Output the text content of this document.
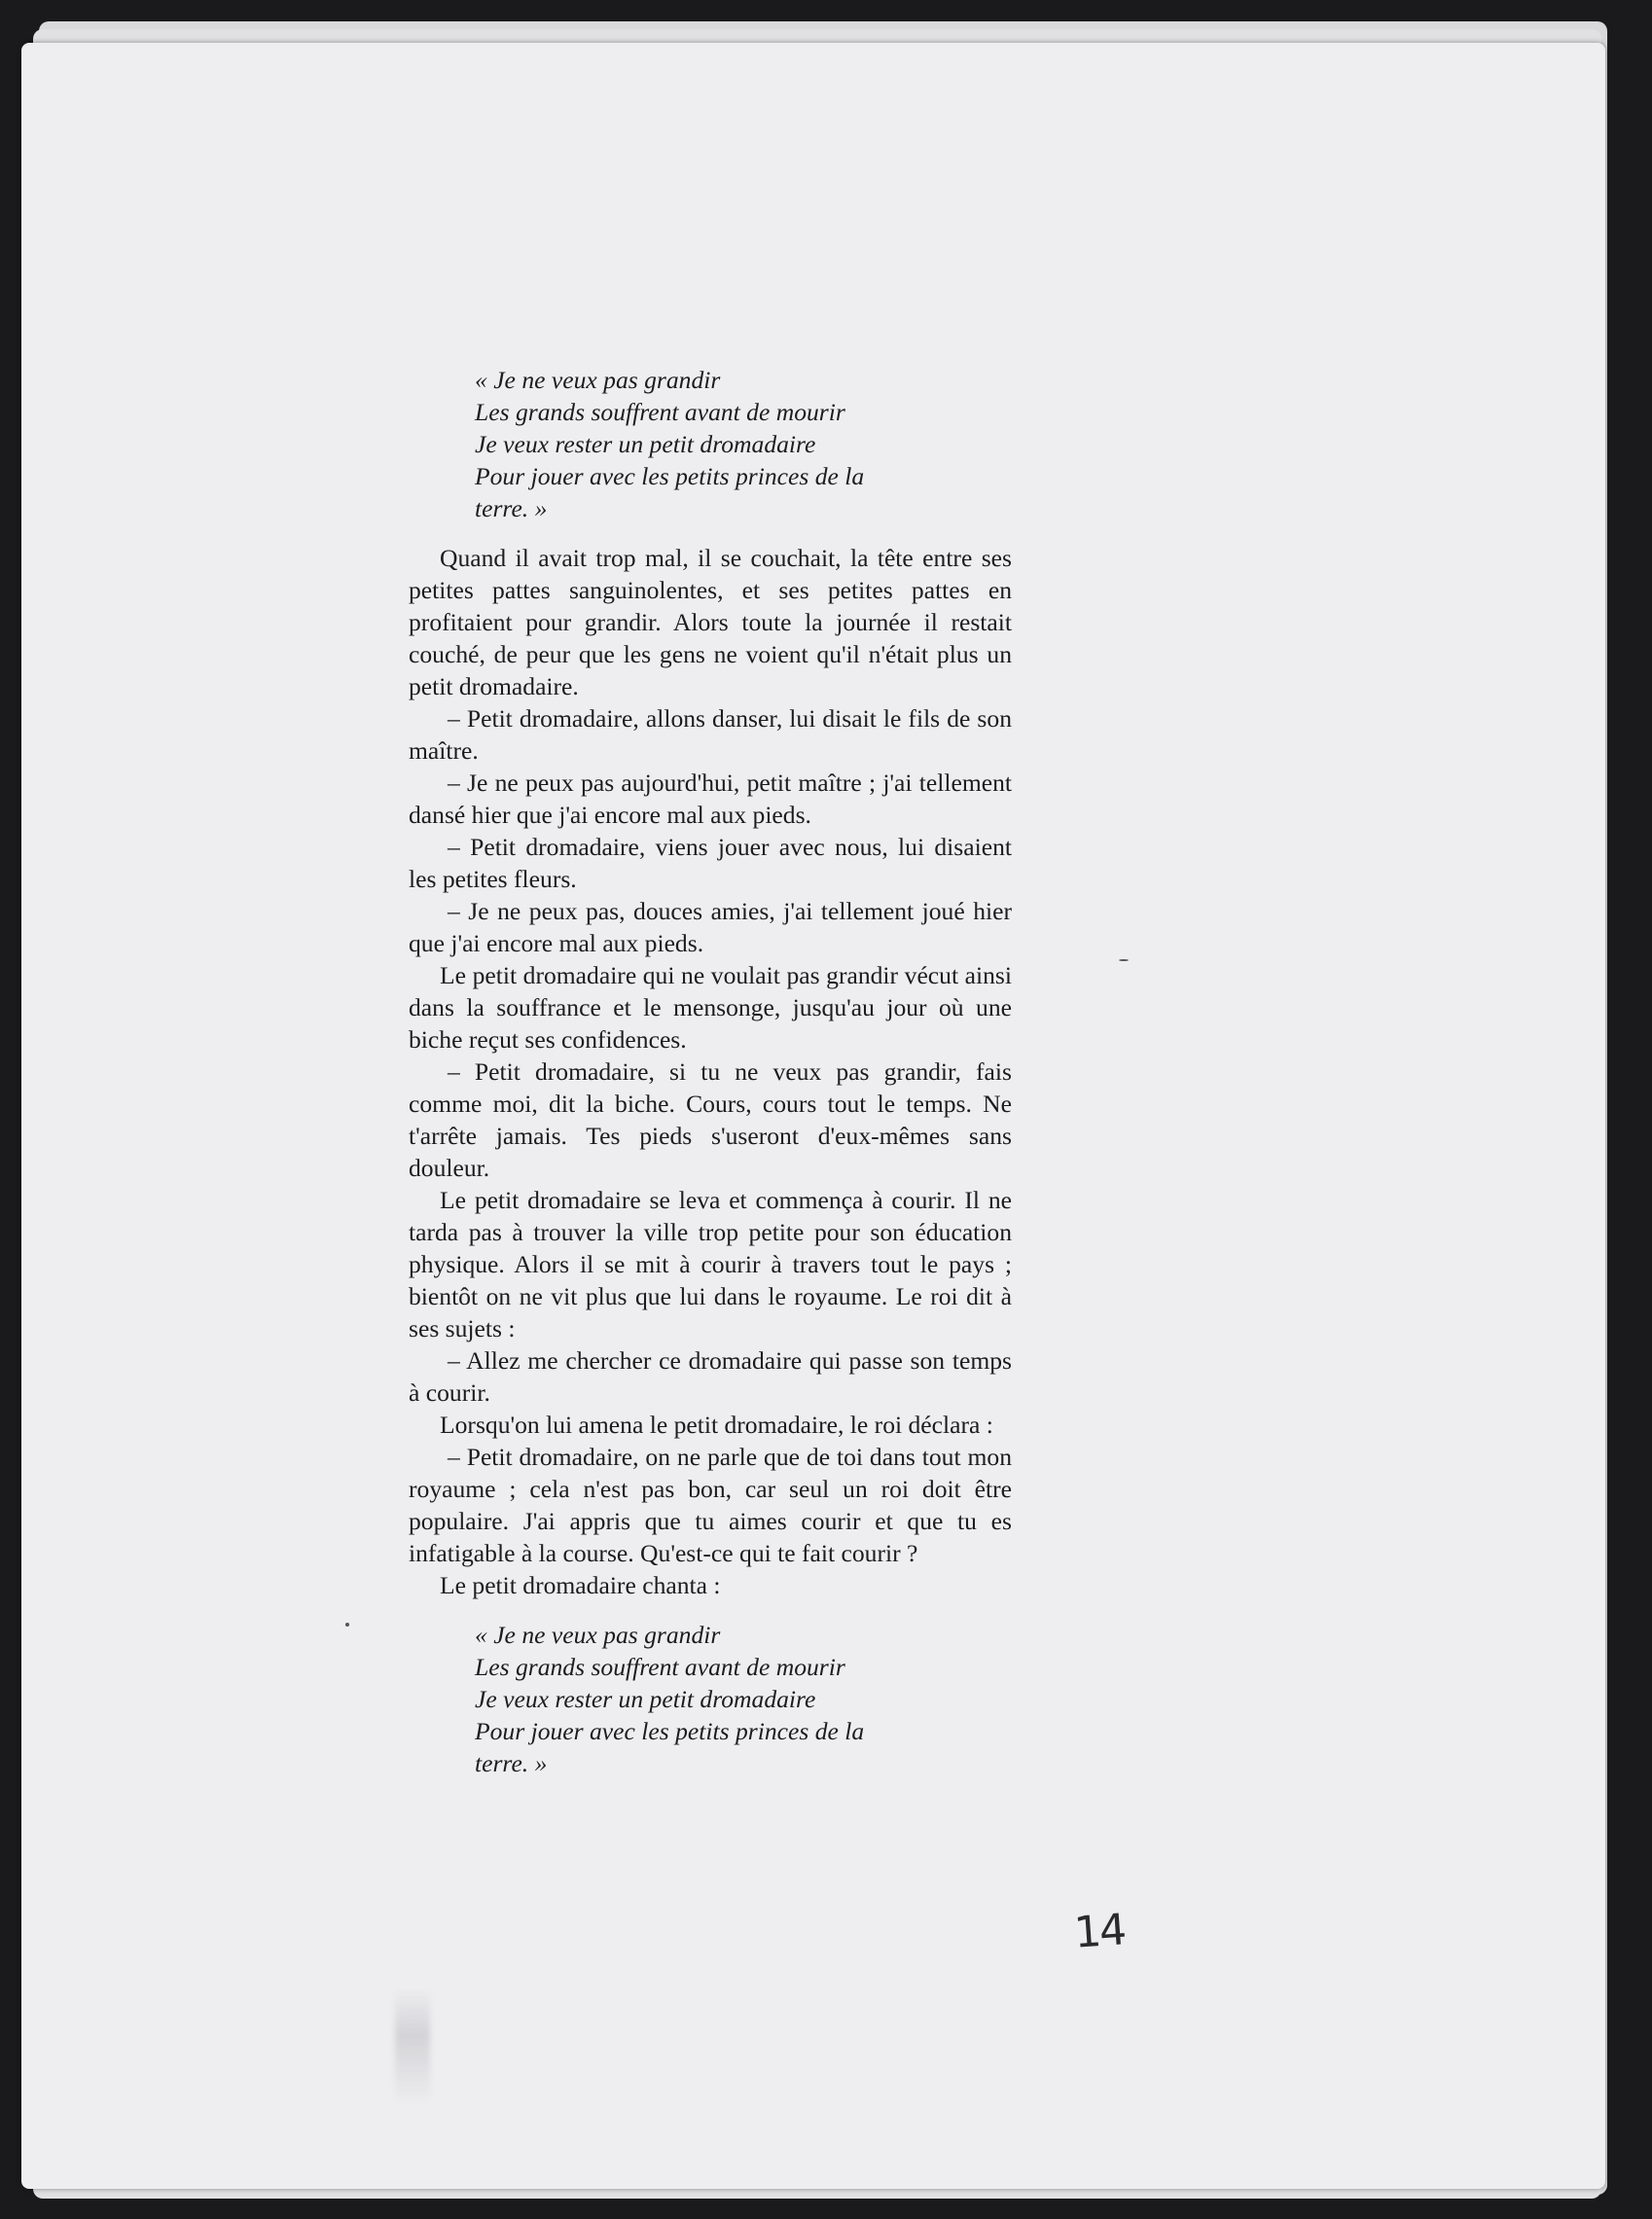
« Je ne veux pas grandir
Les grands souffrent avant de mourir
Je veux rester un petit dromadaire
Pour jouer avec les petits princes de la
terre. »

Quand il avait trop mal, il se couchait, la tête entre ses petites pattes sanguinolentes, et ses petites pattes en profitaient pour grandir. Alors toute la journée il restait couché, de peur que les gens ne voient qu'il n'était plus un petit dromadaire.

– Petit dromadaire, allons danser, lui disait le fils de son maître.

– Je ne peux pas aujourd'hui, petit maître ; j'ai tellement dansé hier que j'ai encore mal aux pieds.

– Petit dromadaire, viens jouer avec nous, lui disaient les petites fleurs.

– Je ne peux pas, douces amies, j'ai tellement joué hier que j'ai encore mal aux pieds.

Le petit dromadaire qui ne voulait pas grandir vécut ainsi dans la souffrance et le mensonge, jusqu'au jour où une biche reçut ses confidences.

– Petit dromadaire, si tu ne veux pas grandir, fais comme moi, dit la biche. Cours, cours tout le temps. Ne t'arrête jamais. Tes pieds s'useront d'eux-mêmes sans douleur.

Le petit dromadaire se leva et commença à courir. Il ne tarda pas à trouver la ville trop petite pour son éducation physique. Alors il se mit à courir à travers tout le pays ; bientôt on ne vit plus que lui dans le royaume. Le roi dit à ses sujets :

– Allez me chercher ce dromadaire qui passe son temps à courir.

Lorsqu'on lui amena le petit dromadaire, le roi déclara :

– Petit dromadaire, on ne parle que de toi dans tout mon royaume ; cela n'est pas bon, car seul un roi doit être populaire. J'ai appris que tu aimes courir et que tu es infatigable à la course. Qu'est-ce qui te fait courir ?

Le petit dromadaire chanta :

« Je ne veux pas grandir
Les grands souffrent avant de mourir
Je veux rester un petit dromadaire
Pour jouer avec les petits princes de la
terre. »
14
